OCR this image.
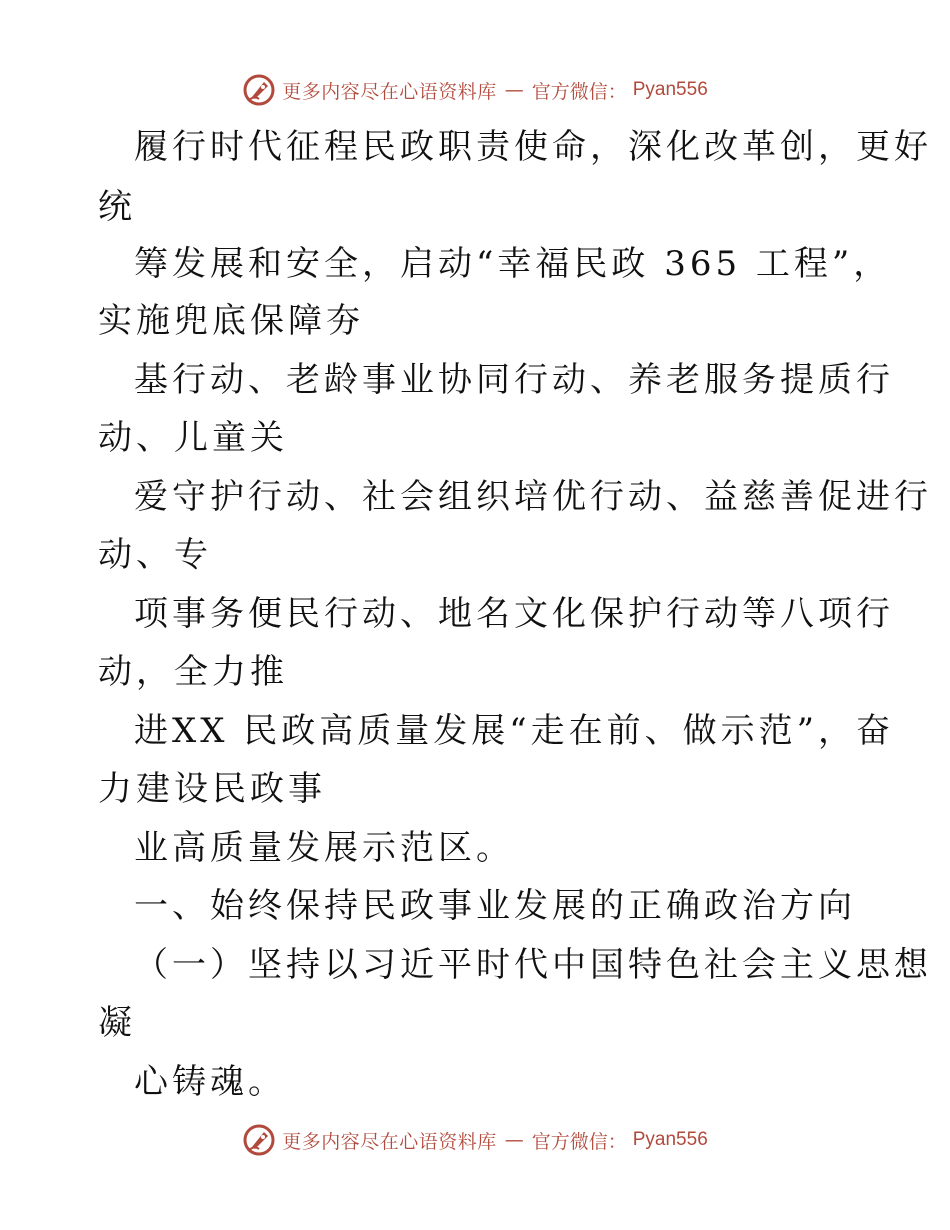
更多内容尽在心语资料库 — 官方微信： Pyan556
履行时代征程民政职责使命，深化改革创，更好
统
筹发展和安全，启动“幸福民政 365 工程”，
实施兜底保障夯
基行动、老龄事业协同行动、养老服务提质行
动、儿童关
爱守护行动、社会组织培优行动、益慈善促进行
动、专
项事务便民行动、地名文化保护行动等八项行
动，全力推
进XX 民政高质量发展“走在前、做示范”，奋
力建设民政事
业高质量发展示范区。
一、始终保持民政事业发展的正确政治方向
（一）坚持以习近平时代中国特色社会主义思想
凝
心铸魂。
更多内容尽在心语资料库 — 官方微信： Pyan556
